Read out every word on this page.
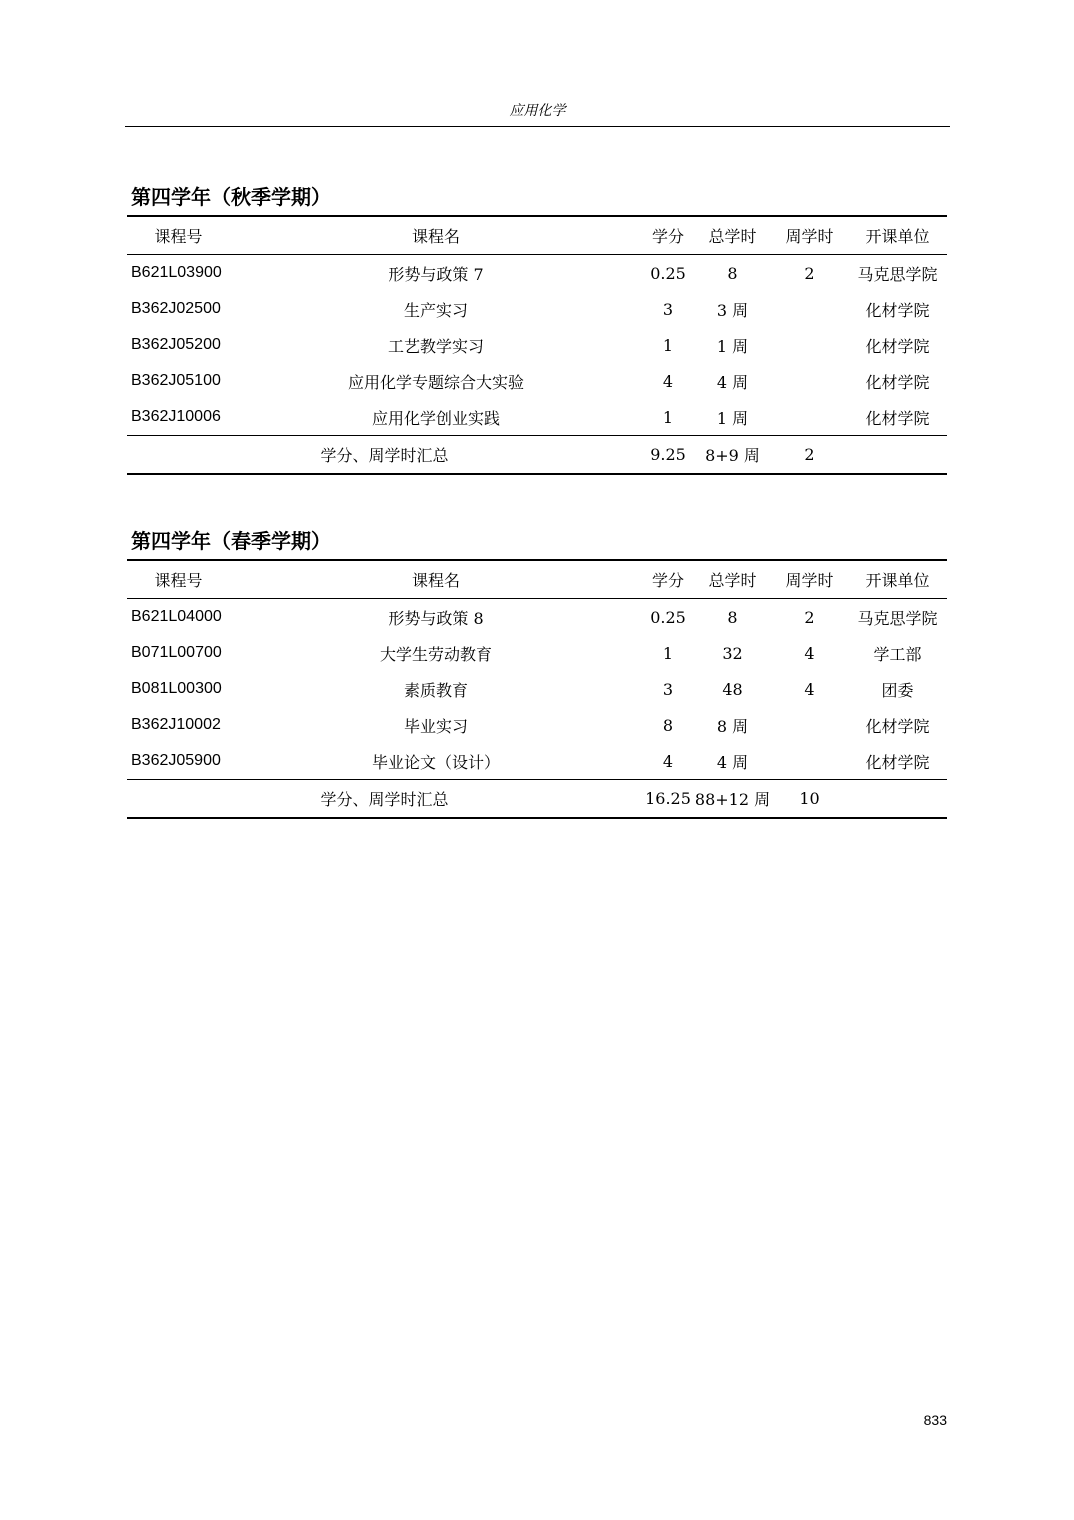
应用化学
第四学年（秋季学期）
课程号	课程名	学分	总学时	周学时	开课单位
B621L03900	形势与政策 7	0.25	8	2	马克思学院
B362J02500	生产实习	3	3 周		化材学院
B362J05200	工艺教学实习	1	1 周		化材学院
B362J05100	应用化学专题综合大实验	4	4 周		化材学院
B362J10006	应用化学创业实践	1	1 周		化材学院
学分、周学时汇总		9.25	8+9 周	2	
第四学年（春季学期）
课程号	课程名	学分	总学时	周学时	开课单位
B621L04000	形势与政策 8	0.25	8	2	马克思学院
B071L00700	大学生劳动教育	1	32	4	学工部
B081L00300	素质教育	3	48	4	团委
B362J10002	毕业实习	8	8 周		化材学院
B362J05900	毕业论文（设计）	4	4 周		化材学院
学分、周学时汇总		16.25	88+12 周	10	
833
